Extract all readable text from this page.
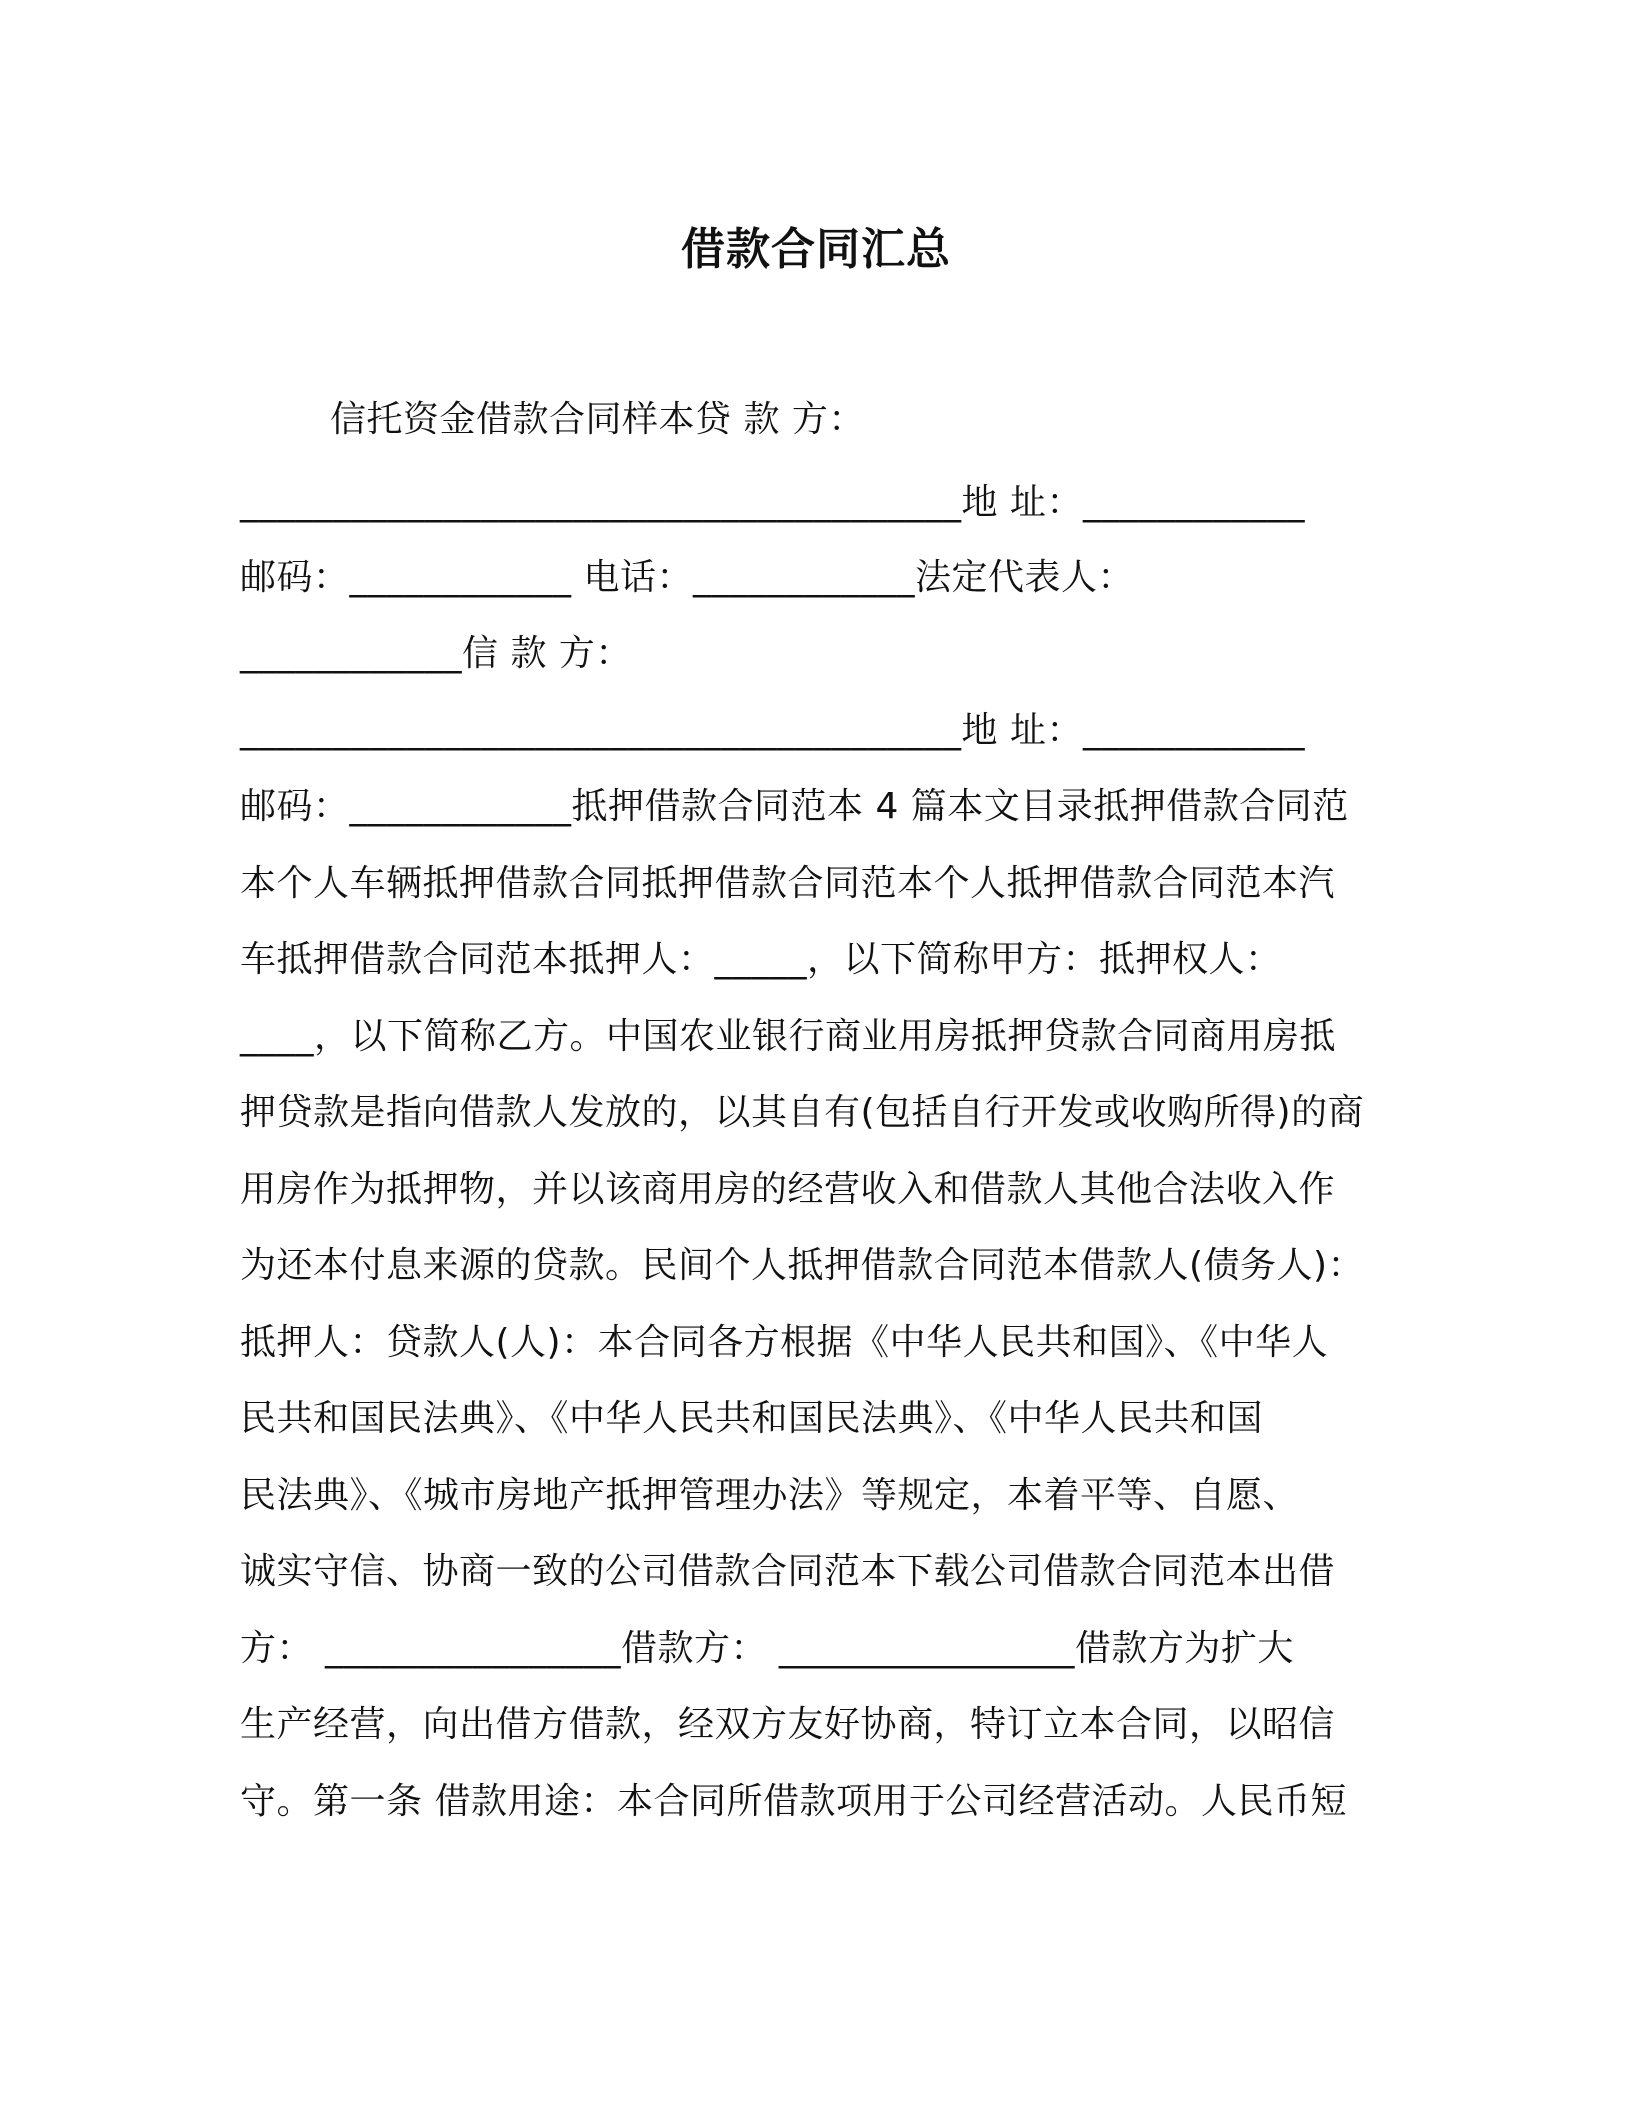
借款合同汇总
信托资金借款合同样本贷 款 方：
_______________________________________地 址：____________
邮码：____________ 电话：____________法定代表人：
____________信 款 方：
_______________________________________地 址：____________
邮码：____________抵押借款合同范本 4 篇本文目录抵押借款合同范
本个人车辆抵押借款合同抵押借款合同范本个人抵押借款合同范本汽
车抵押借款合同范本抵押人：_____，以下简称甲方：抵押权人：
____，以下简称乙方。中国农业银行商业用房抵押贷款合同商用房抵
押贷款是指向借款人发放的，以其自有(包括自行开发或收购所得)的商
用房作为抵押物，并以该商用房的经营收入和借款人其他合法收入作
为还本付息来源的贷款。民间个人抵押借款合同范本借款人(债务人)：
抵押人：贷款人(人)：本合同各方根据《中华人民共和国》、《中华人
民共和国民法典》、《中华人民共和国民法典》、《中华人民共和国
民法典》、《城市房地产抵押管理办法》等规定，本着平等、自愿、
诚实守信、协商一致的公司借款合同范本下载公司借款合同范本出借
方： ________________借款方： ________________借款方为扩大
生产经营，向出借方借款，经双方友好协商，特订立本合同，以昭信
守。第一条 借款用途：本合同所借款项用于公司经营活动。人民币短
